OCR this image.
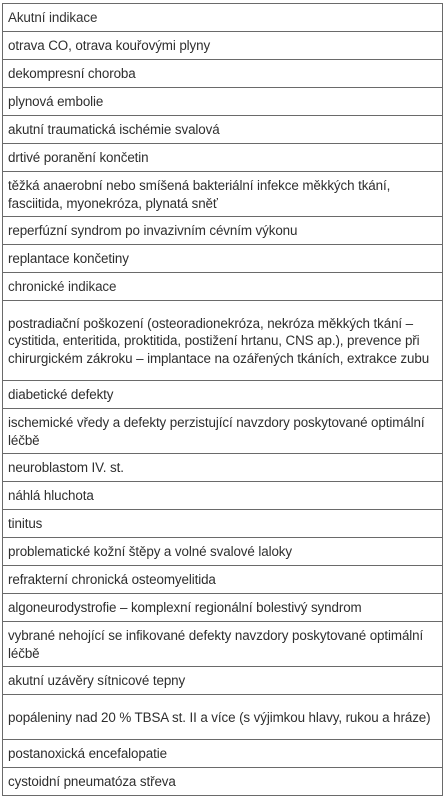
Akutní indikace
otrava CO, otrava kouřovými plyny
dekompresní choroba
plynová embolie
akutní traumatická ischémie svalová
drtivé poranění končetin
těžká anaerobní nebo smíšená bakteriální infekce měkkých tkání, fasciitida, myonekróza, plynatá sněť
reperfúzní syndrom po invazivním cévním výkonu
replantace končetiny
chronické indikace
postradiační poškození (osteoradionekróza, nekróza měkkých tkání – cystitida, enteritida, proktitida, postižení hrtanu, CNS ap.), prevence při chirurgickém zákroku – implantace na ozářených tkáních, extrakce zubu
diabetické defekty
ischemické vředy a defekty perzistující navzdory poskytované optimální léčbě
neuroblastom IV. st.
náhlá hluchota
tinitus
problematické kožní štěpy a volné svalové laloky
refrakterní chronická osteomyelitida
algoneurodystrofie – komplexní regionální bolestivý syndrom
vybrané nehojící se infikované defekty navzdory poskytované optimální léčbě
akutní uzávěry sítnicové tepny
popáleniny nad 20 % TBSA st. II a více (s výjimkou hlavy, rukou a hráze)
postanoxická encefalopatie
cystoidní pneumatóza střeva
